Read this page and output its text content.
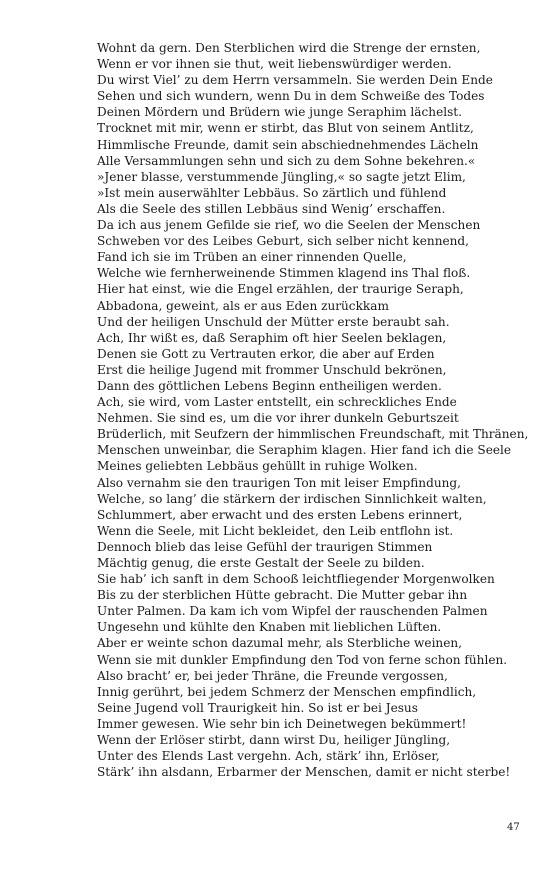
Wohnt da gern. Den Sterblichen wird die Strenge der ernsten,
Wenn er vor ihnen sie thut, weit liebenswürdiger werden.
Du wirst Viel’ zu dem Herrn versammeln. Sie werden Dein Ende
Sehen und sich wundern, wenn Du in dem Schweiße des Todes
Deinen Mördern und Brüdern wie junge Seraphim lächelst.
Trocknet mit mir, wenn er stirbt, das Blut von seinem Antlitz,
Himmlische Freunde, damit sein abschiednehmendes Lächeln
Alle Versammlungen sehn und sich zu dem Sohne bekehren.«
»Jener blasse, verstummende Jüngling,« so sagte jetzt Elim,
»Ist mein auserwählter Lebbäus. So zärtlich und fühlend
Als die Seele des stillen Lebbäus sind Wenig’ erschaffen.
Da ich aus jenem Gefilde sie rief, wo die Seelen der Menschen
Schweben vor des Leibes Geburt, sich selber nicht kennend,
Fand ich sie im Trüben an einer rinnenden Quelle,
Welche wie fernherweinende Stimmen klagend ins Thal floß.
Hier hat einst, wie die Engel erzählen, der traurige Seraph,
Abbadona, geweint, als er aus Eden zurückkam
Und der heiligen Unschuld der Mütter erste beraubt sah.
Ach, Ihr wißt es, daß Seraphim oft hier Seelen beklagen,
Denen sie Gott zu Vertrauten erkor, die aber auf Erden
Erst die heilige Jugend mit frommer Unschuld bekrönen,
Dann des göttlichen Lebens Beginn entheiligen werden.
Ach, sie wird, vom Laster entstellt, ein schreckliches Ende
Nehmen. Sie sind es, um die vor ihrer dunkeln Geburtszeit
Brüderlich, mit Seufzern der himmlischen Freundschaft, mit Thränen,
Menschen unweinbar, die Seraphim klagen. Hier fand ich die Seele
Meines geliebten Lebbäus gehüllt in ruhige Wolken.
Also vernahm sie den traurigen Ton mit leiser Empfindung,
Welche, so lang’ die stärkern der irdischen Sinnlichkeit walten,
Schlummert, aber erwacht und des ersten Lebens erinnert,
Wenn die Seele, mit Licht bekleidet, den Leib entflohn ist.
Dennoch blieb das leise Gefühl der traurigen Stimmen
Mächtig genug, die erste Gestalt der Seele zu bilden.
Sie hab’ ich sanft in dem Schooß leichtfliegender Morgenwolken
Bis zu der sterblichen Hütte gebracht. Die Mutter gebar ihn
Unter Palmen. Da kam ich vom Wipfel der rauschenden Palmen
Ungesehn und kühlte den Knaben mit lieblichen Lüften.
Aber er weinte schon dazumal mehr, als Sterbliche weinen,
Wenn sie mit dunkler Empfindung den Tod von ferne schon fühlen.
Also bracht’ er, bei jeder Thräne, die Freunde vergossen,
Innig gerührt, bei jedem Schmerz der Menschen empfindlich,
Seine Jugend voll Traurigkeit hin. So ist er bei Jesus
Immer gewesen. Wie sehr bin ich Deinetwegen bekümmert!
Wenn der Erlöser stirbt, dann wirst Du, heiliger Jüngling,
Unter des Elends Last vergehn. Ach, stärk’ ihn, Erlöser,
Stärk’ ihn alsdann, Erbarmer der Menschen, damit er nicht sterbe!
47
